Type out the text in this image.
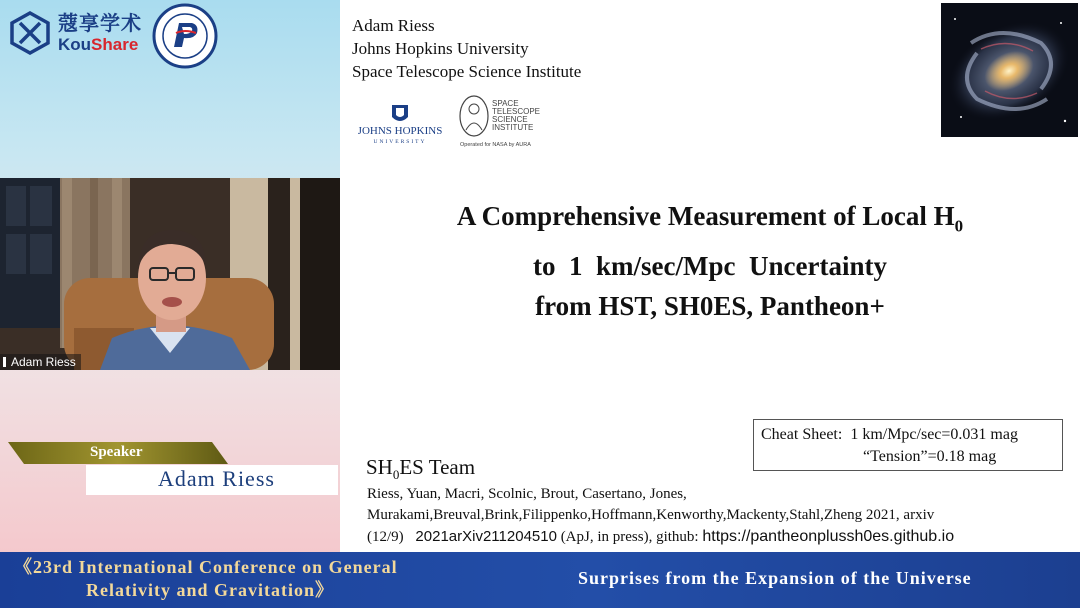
蔻享学术
KouShare
Adam Riess
Speaker
Adam Riess
Adam Riess
Johns Hopkins University
Space Telescope Science Institute
JOHNS HOPKINS
UNIVERSITY
SPACE
TELESCOPE
SCIENCE
INSTITUTE
Operated for NASA by AURA
A Comprehensive Measurement of Local $H_0$
to  1  km/sec/Mpc  Uncertainty
from HST, SH0ES, Pantheon+
Cheat Sheet:  1 km/Mpc/sec=0.031 mag
“Tension”=0.18 mag
$SH_0ES$ Team
Riess, Yuan, Macri, Scolnic, Brout, Casertano, Jones,
Murakami,Breuval,Brink,Filippenko,Hoffmann,Kenworthy,Mackenty,Stahl,Zheng 2021, arxiv
(12/9) 2021arXiv211204510 (ApJ, in press), github: https://pantheonplussh0es.github.io
《23rd International Conference on General
Relativity and Gravitation》
Surprises from the Expansion of the Universe
